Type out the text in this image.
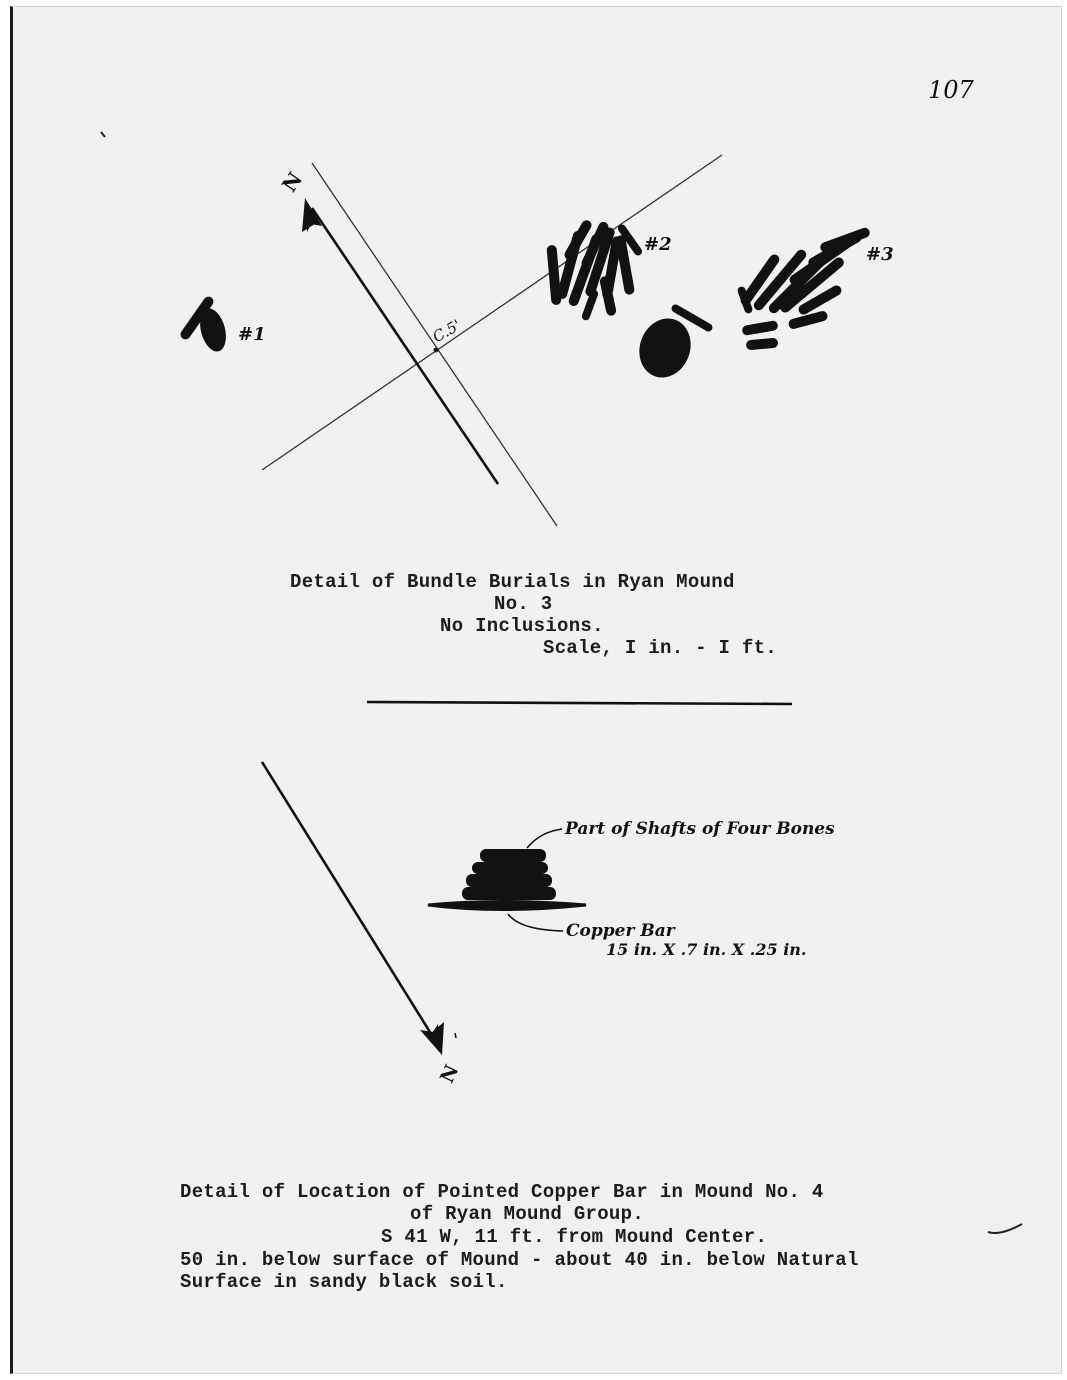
107
N
C.5'
#1
#2	#3
Detail of Bundle Burials in Ryan Mound
No. 3
No Inclusions.
Scale, I in. - I ft.
Part of Shafts of Four Bones
Copper Bar
15 in. X .7 in. X .25 in.
N
Detail of Location of Pointed Copper Bar in Mound No. 4
of Ryan Mound Group.
S 41 W, 11 ft. from Mound Center.
50 in. below surface of Mound - about 40 in. below Natural
Surface in sandy black soil.
